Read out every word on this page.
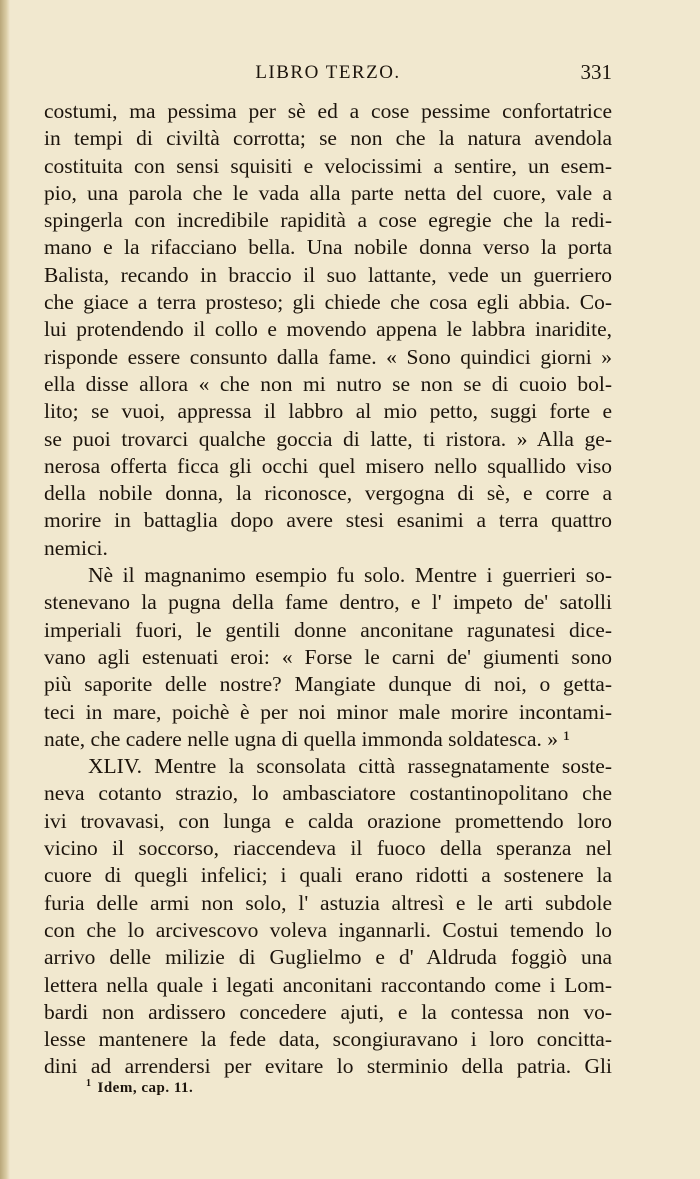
LIBRO TERZO.	331
costumi, ma pessima per sè ed a cose pessime confortatrice
in tempi di civiltà corrotta; se non che la natura avendola
costituita con sensi squisiti e velocissimi a sentire, un esem-
pio, una parola che le vada alla parte netta del cuore, vale a
spingerla con incredibile rapidità a cose egregie che la redi-
mano e la rifacciano bella. Una nobile donna verso la porta
Balista, recando in braccio il suo lattante, vede un guerriero
che giace a terra prosteso; gli chiede che cosa egli abbia. Co-
lui protendendo il collo e movendo appena le labbra inaridite,
risponde essere consunto dalla fame. « Sono quindici giorni »
ella disse allora « che non mi nutro se non se di cuoio bol-
lito; se vuoi, appressa il labbro al mio petto, suggi forte e
se puoi trovarci qualche goccia di latte, ti ristora. » Alla ge-
nerosa offerta ficca gli occhi quel misero nello squallido viso
della nobile donna, la riconosce, vergogna di sè, e corre a
morire in battaglia dopo avere stesi esanimi a terra quattro
nemici.
Nè il magnanimo esempio fu solo. Mentre i guerrieri so-
stenevano la pugna della fame dentro, e l' impeto de' satolli
imperiali fuori, le gentili donne anconitane ragunatesi dice-
vano agli estenuati eroi: « Forse le carni de' giumenti sono
più saporite delle nostre? Mangiate dunque di noi, o getta-
teci in mare, poichè è per noi minor male morire incontami-
nate, che cadere nelle ugna di quella immonda soldatesca. » ¹
XLIV. Mentre la sconsolata città rassegnatamente soste-
neva cotanto strazio, lo ambasciatore costantinopolitano che
ivi trovavasi, con lunga e calda orazione promettendo loro
vicino il soccorso, riaccendeva il fuoco della speranza nel
cuore di quegli infelici; i quali erano ridotti a sostenere la
furia delle armi non solo, l' astuzia altresì e le arti subdole
con che lo arcivescovo voleva ingannarli. Costui temendo lo
arrivo delle milizie di Guglielmo e d' Aldruda foggiò una
lettera nella quale i legati anconitani raccontando come i Lom-
bardi non ardissero concedere ajuti, e la contessa non vo-
lesse mantenere la fede data, scongiuravano i loro concitta-
dini ad arrendersi per evitare lo sterminio della patria. Gli
$^1$ Idem, cap. 11.
